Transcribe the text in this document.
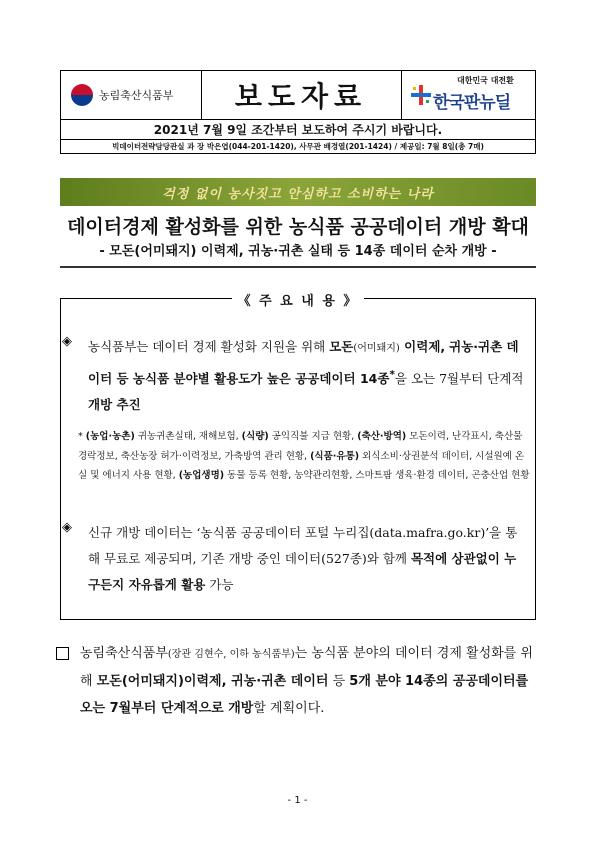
농림축산식품부	보도자료	대한민국 대전환
한국판뉴딜
2021년 7월 9일 조간부터 보도하여 주시기 바랍니다.
빅데이터전략담당관실 과 장 박은엽(044-201-1420), 사무관 배경열(201-1424) / 제공일: 7월 8일(총 7매)
걱정 없이 농사짓고 안심하고 소비하는 나라
데이터경제 활성화를 위한 농식품 공공데이터 개방 확대
- 모돈(어미돼지) 이력제, 귀농·귀촌 실태 등 14종 데이터 순차 개방 -
《 주 요 내 용 》
◈ 농식품부는 데이터 경제 활성화 지원을 위해 모돈(어미돼지) 이력제, 귀농·귀촌 데이터 등 농식품 분야별 활용도가 높은 공공데이터 14종*을 오는 7월부터 단계적 개방 추진
* (농업·농촌) 귀농귀촌실태, 재해보험, (식량) 공익직불 지급 현황, (축산·방역) 모돈이력, 난각표시, 축산물 경락정보, 축산농장 허가·이력정보, 가축방역 관리 현황, (식품·유통) 외식소비·상권분석 데이터, 시설원예 온실 및 에너지 사용 현황, (농업생명) 동물 등록 현황, 농약관리현황, 스마트팜 생육·환경 데이터, 곤충산업 현황
◈ 신규 개방 데이터는 ‘농식품 공공데이터 포털 누리집(data.mafra.go.kr)’을 통해 무료로 제공되며, 기존 개방 중인 데이터(527종)와 함께 목적에 상관없이 누구든지 자유롭게 활용 가능
농림축산식품부(장관 김현수, 이하 농식품부)는 농식품 분야의 데이터 경제 활성화를 위해 모돈(어미돼지)이력제, 귀농·귀촌 데이터 등 5개 분야 14종의 공공데이터를 오는 7월부터 단계적으로 개방할 계획이다.
- 1 -
